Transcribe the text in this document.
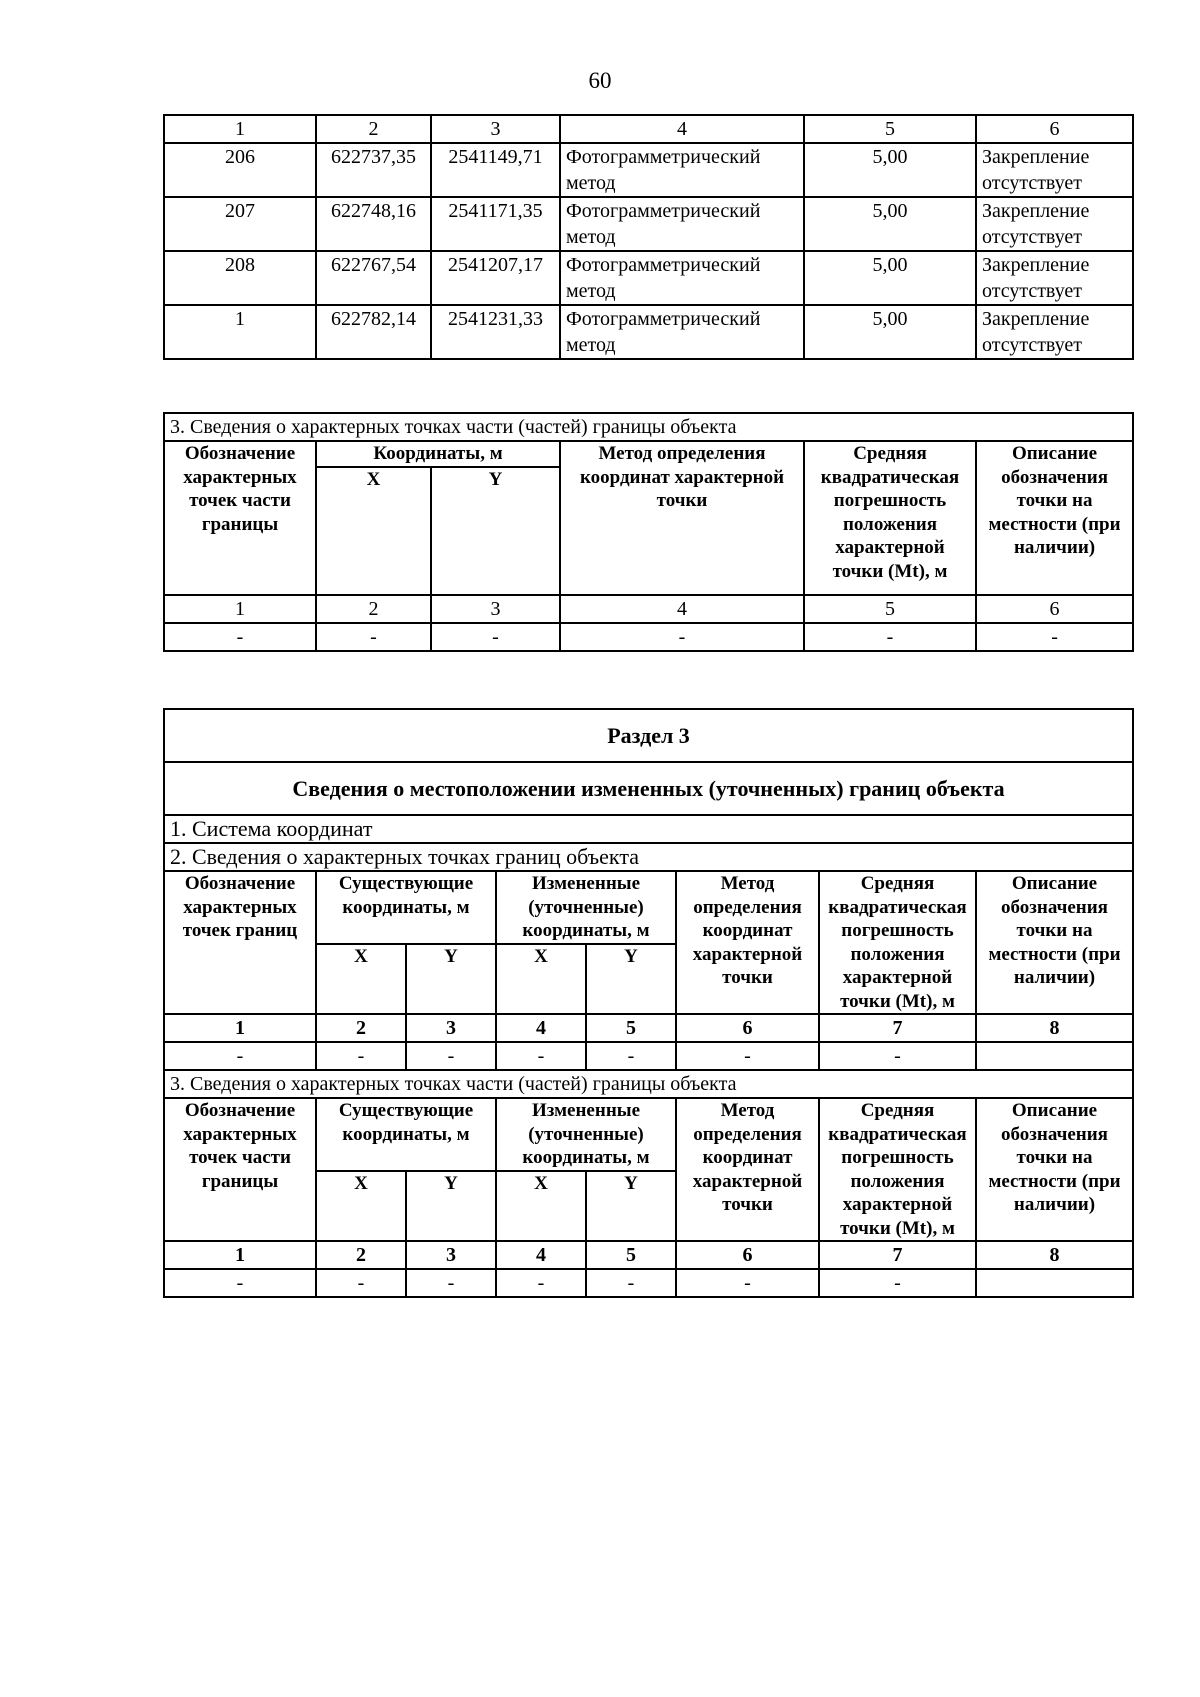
60
1	2	3	4	5	6
206	622737,35	2541149,71	Фотограмметрический метод	5,00	Закрепление отсутствует
207	622748,16	2541171,35	Фотограмметрический метод	5,00	Закрепление отсутствует
208	622767,54	2541207,17	Фотограмметрический метод	5,00	Закрепление отсутствует
1	622782,14	2541231,33	Фотограмметрический метод	5,00	Закрепление отсутствует
3. Сведения о характерных точках части (частей) границы объекта					
Обозначение характерных точек части границы	Координаты, м		Метод определения координат характерной точки	Средняя квадратическая погрешность положения характерной точки (Mt), м	Описание обозначения точки на местности (при наличии)
	X	Y			
1	2	3	4	5	6
-	-	-	-	-	-
Раздел 3							
Сведения о местоположении измененных (уточненных) границ объекта							
1. Система координат							
2. Сведения о характерных точках границ объекта							
Обозначение характерных точек границ	Существующие координаты, м		Измененные (уточненные) координаты, м		Метод определения координат характерной точки	Средняя квадратическая погрешность положения характерной точки (Mt), м	Описание обозначения точки на местности (при наличии)
	X	Y	X	Y			
1	2	3	4	5	6	7	8
-	-	-	-	-	-	-	
3. Сведения о характерных точках части (частей) границы объекта							
Обозначение характерных точек части границы	Существующие координаты, м		Измененные (уточненные) координаты, м		Метод определения координат характерной точки	Средняя квадратическая погрешность положения характерной точки (Mt), м	Описание обозначения точки на местности (при наличии)
	X	Y	X	Y			
1	2	3	4	5	6	7	8
-	-	-	-	-	-	-	
